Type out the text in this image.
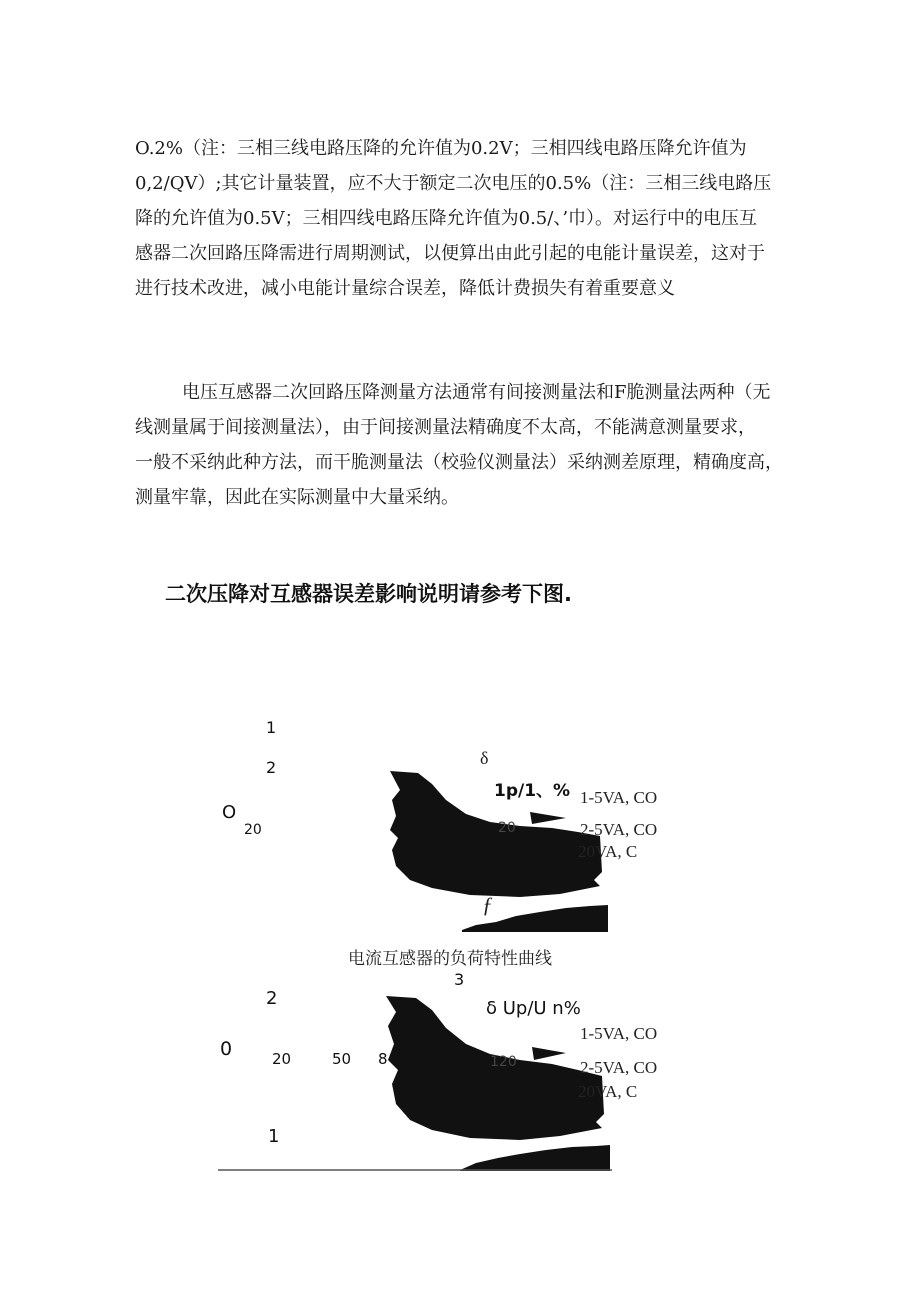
O.2%（注：三相三线电路压降的允许值为0.2V；三相四线电路压降允许值为
0,2/QV）;其它计量装置，应不大于额定二次电压的0.5%（注：三相三线电路压
降的允许值为0.5V；三相四线电路压降允许值为0.5/、’巾）。对运行中的电压互
感器二次回路压降需进行周期测试，以便算出由此引起的电能计量误差，这对于
进行技术改进，减小电能计量综合误差，降低计费损失有着重要意义
电压互感器二次回路压降测量方法通常有间接测量法和F脆测量法两种（无
线测量属于间接测量法），由于间接测量法精确度不太高，不能满意测量要求，
一般不采纳此种方法，而干脆测量法（校验仪测量法）采纳测差原理，精确度高，
测量牢靠，因此在实际测量中大量采纳。
二次压降对互感器误差影响说明请参考下图.
1
2
O
20
δ
1p/1、%
20
ƒ
1-5VA, CO
2-5VA, CO
20VA, C
电流互感器的负荷特性曲线
3
2
0	20	50 8
δ Up/U n%
120
1
1-5VA, CO
2-5VA, CO
20VA, C
